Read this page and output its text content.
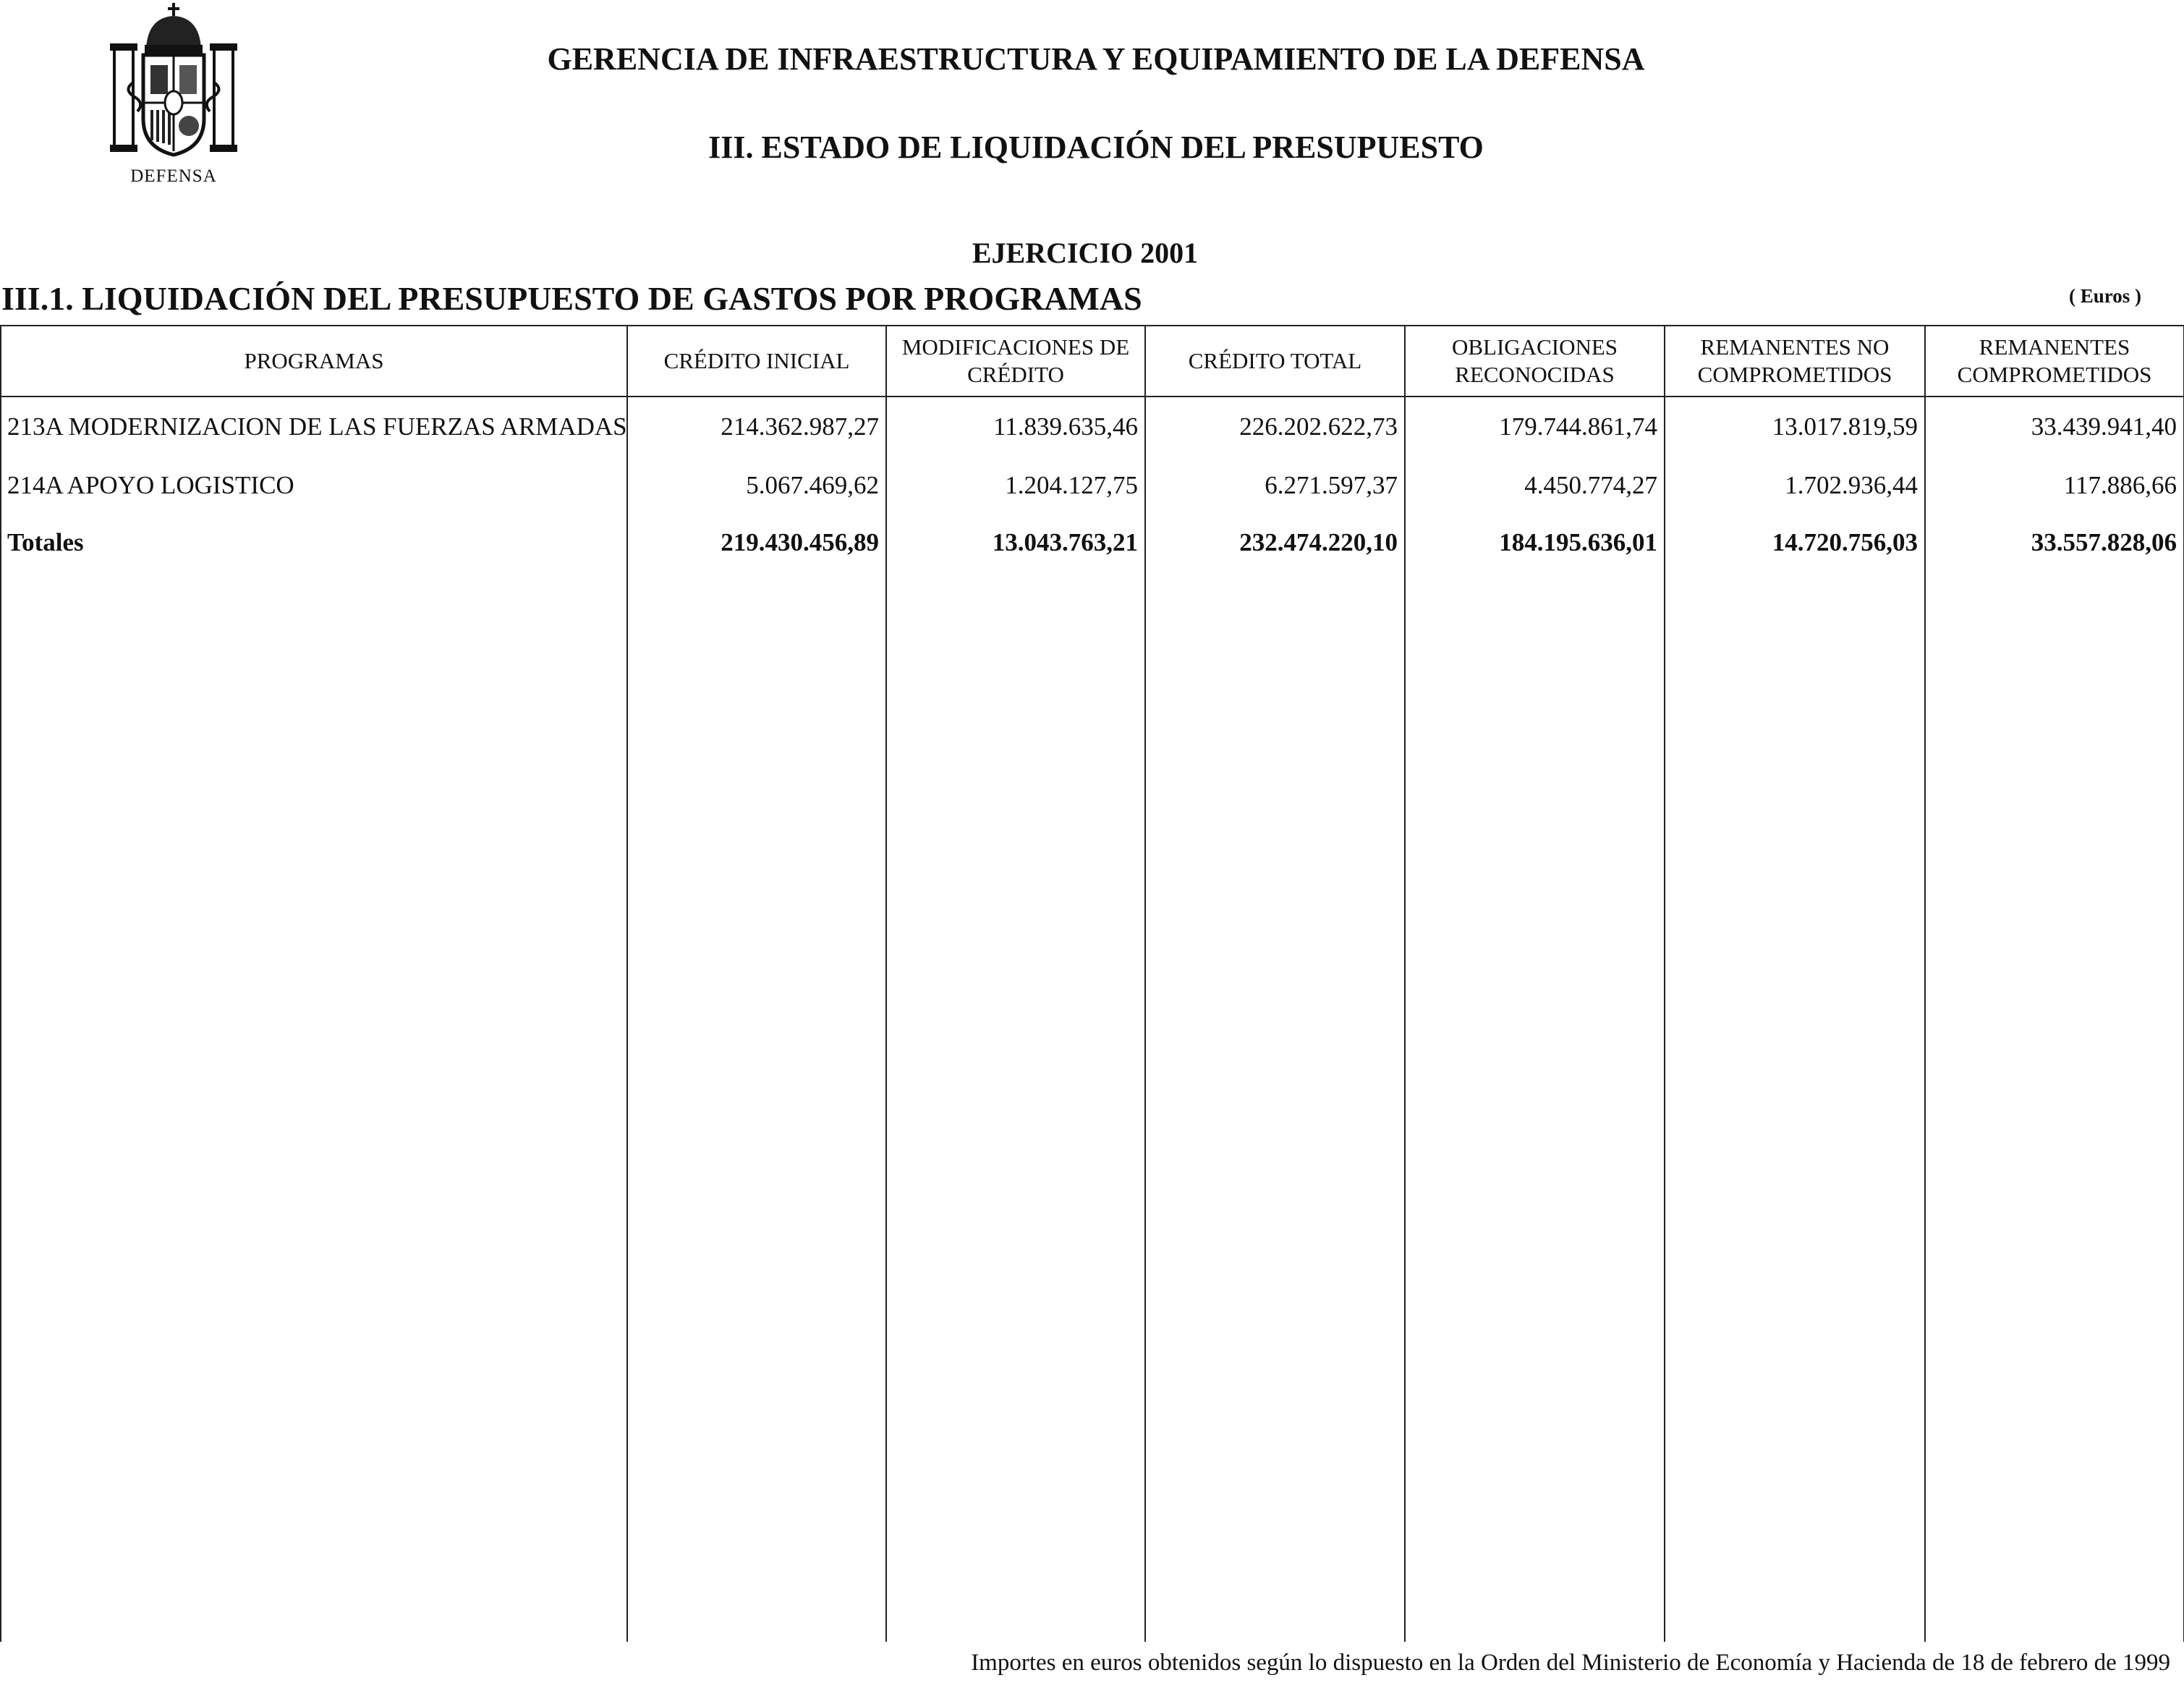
DEFENSA
GERENCIA DE INFRAESTRUCTURA Y EQUIPAMIENTO DE LA DEFENSA
III. ESTADO DE LIQUIDACIÓN DEL PRESUPUESTO
EJERCICIO 2001
III.1. LIQUIDACIÓN DEL PRESUPUESTO DE GASTOS POR PROGRAMAS	( Euros )
PROGRAMAS	CRÉDITO INICIAL	MODIFICACIONES DE CRÉDITO	CRÉDITO TOTAL	OBLIGACIONES RECONOCIDAS	REMANENTES NO COMPROMETIDOS	REMANENTES COMPROMETIDOS
213A MODERNIZACION DE LAS FUERZAS ARMADAS	214.362.987,27	11.839.635,46	226.202.622,73	179.744.861,74	13.017.819,59	33.439.941,40
214A APOYO LOGISTICO	5.067.469,62	1.204.127,75	6.271.597,37	4.450.774,27	1.702.936,44	117.886,66
Totales	219.430.456,89	13.043.763,21	232.474.220,10	184.195.636,01	14.720.756,03	33.557.828,06

Importes en euros obtenidos según lo dispuesto en la Orden del Ministerio de Economía y Hacienda de 18 de febrero de 1999
